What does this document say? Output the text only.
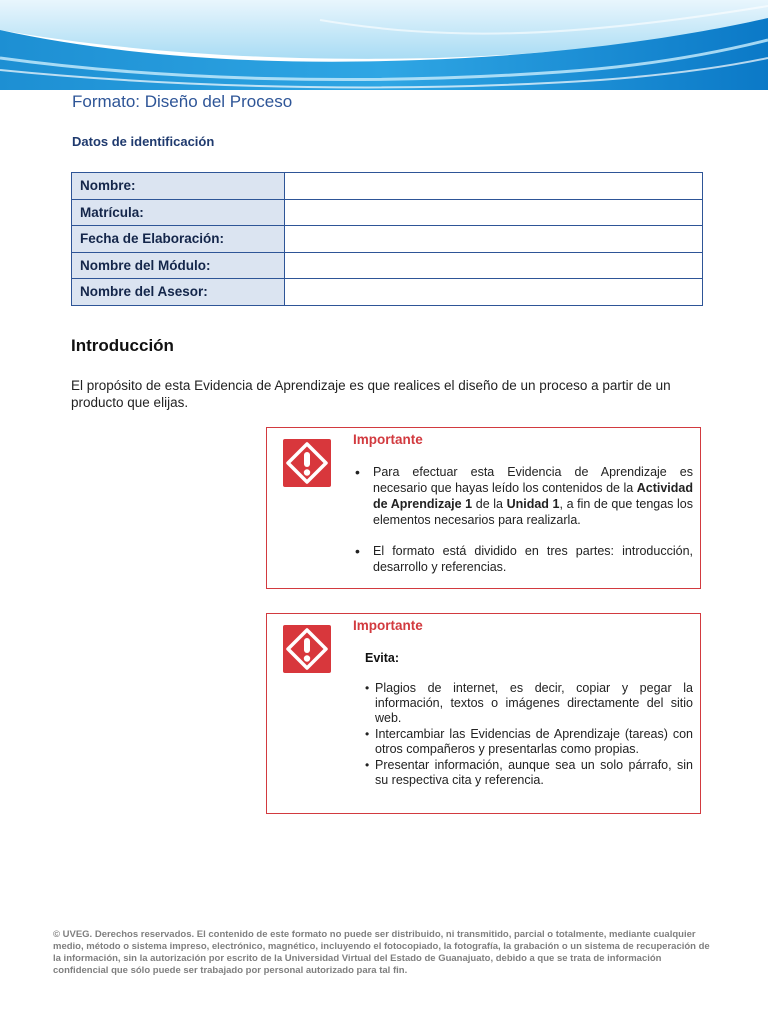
Formato: Diseño del Proceso
Datos de identificación
Nombre:	
Matrícula:	
Fecha de Elaboración:	
Nombre del Módulo:	
Nombre del Asesor:	
Introducción
El propósito de esta Evidencia de Aprendizaje es que realices el diseño de un proceso a partir de un producto que elijas.
Importante
• Para efectuar esta Evidencia de Aprendizaje es necesario que hayas leído los contenidos de la Actividad de Aprendizaje 1 de la Unidad 1, a fin de que tengas los elementos necesarios para realizarla.
• El formato está dividido en tres partes: introducción, desarrollo y referencias.
Importante
Evita:
• Plagios de internet, es decir, copiar y pegar la información, textos o imágenes directamente del sitio web.
• Intercambiar las Evidencias de Aprendizaje (tareas) con otros compañeros y presentarlas como propias.
• Presentar información, aunque sea un solo párrafo, sin su respectiva cita y referencia.
© UVEG. Derechos reservados. El contenido de este formato no puede ser distribuido, ni transmitido, parcial o totalmente, mediante cualquier medio, método o sistema impreso, electrónico, magnético, incluyendo el fotocopiado, la fotografía, la grabación o un sistema de recuperación de la información, sin la autorización por escrito de la Universidad Virtual del Estado de Guanajuato, debido a que se trata de información confidencial que sólo puede ser trabajado por personal autorizado para tal fin.
